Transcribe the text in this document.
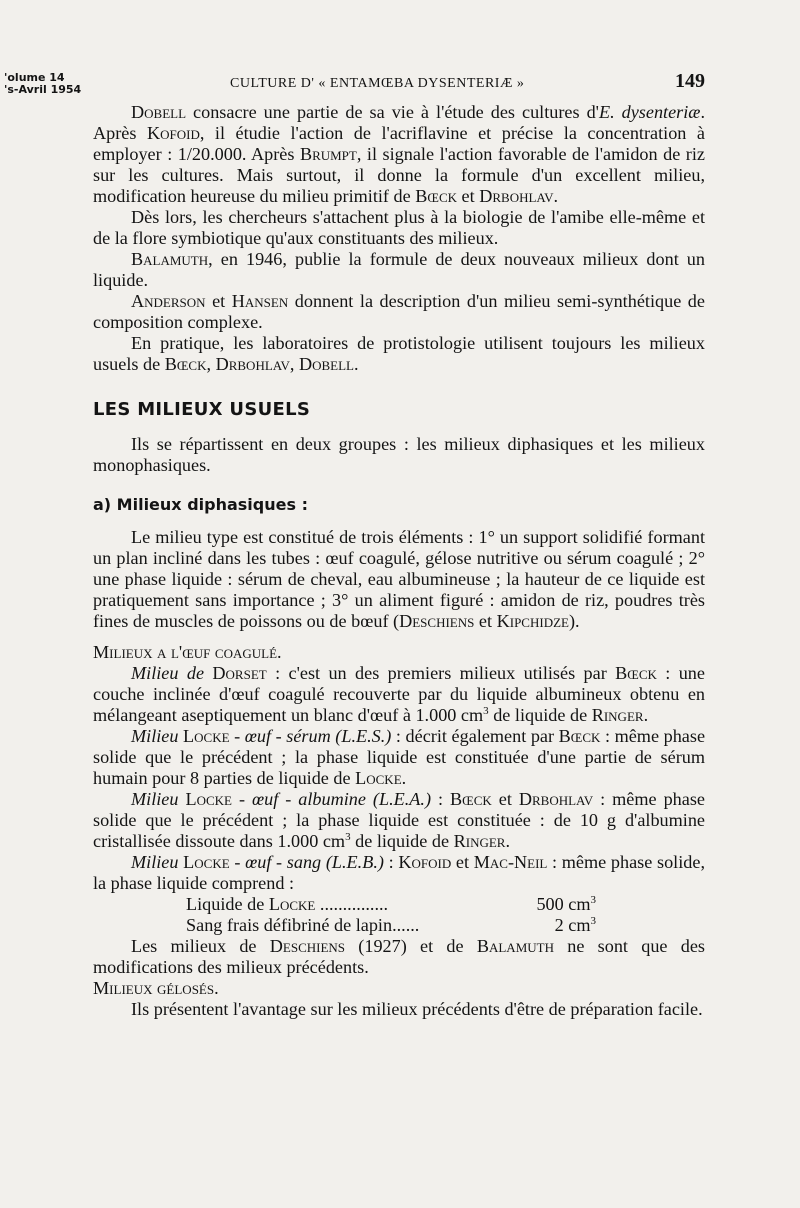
'olume 14
's-Avril 1954	CULTURE D' « ENTAMŒBA DYSENTERIÆ »	149

Dobell consacre une partie de sa vie à l'étude des cultures d'E. dysenteriæ. Après Kofoid, il étudie l'action de l'acriflavine et précise la concentration à employer : 1/20.000. Après Brumpt, il signale l'action favorable de l'amidon de riz sur les cultures. Mais surtout, il donne la formule d'un excellent milieu, modification heureuse du milieu primitif de Bœck et Drbohlav.

Dès lors, les chercheurs s'attachent plus à la biologie de l'amibe elle-même et de la flore symbiotique qu'aux constituants des milieux.

Balamuth, en 1946, publie la formule de deux nouveaux milieux dont un liquide.

Anderson et Hansen donnent la description d'un milieu semi-synthétique de composition complexe.

En pratique, les laboratoires de protistologie utilisent toujours les milieux usuels de Bœck, Drbohlav, Dobell.

LES MILIEUX USUELS

Ils se répartissent en deux groupes : les milieux diphasiques et les milieux monophasiques.

a) Milieux diphasiques :

Le milieu type est constitué de trois éléments : 1° un support solidifié formant un plan incliné dans les tubes : œuf coagulé, gélose nutritive ou sérum coagulé ; 2° une phase liquide : sérum de cheval, eau albumineuse ; la hauteur de ce liquide est pratiquement sans importance ; 3° un aliment figuré : amidon de riz, poudres très fines de muscles de poissons ou de bœuf (Deschiens et Kipchidze).

Milieux a l'œuf coagulé.

Milieu de Dorset : c'est un des premiers milieux utilisés par Bœck : une couche inclinée d'œuf coagulé recouverte par du liquide albumineux obtenu en mélangeant aseptiquement un blanc d'œuf à 1.000 $cm^3$ de liquide de Ringer.

Milieu Locke - œuf - sérum (L.E.S.) : décrit également par Bœck : même phase solide que le précédent ; la phase liquide est constituée d'une partie de sérum humain pour 8 parties de liquide de Locke.

Milieu Locke - œuf - albumine (L.E.A.) : Bœck et Drbohlav : même phase solide que le précédent ; la phase liquide est constituée : de 10 g d'albumine cristallisée dissoute dans 1.000 $cm^3$ de liquide de Ringer.

Milieu Locke - œuf - sang (L.E.B.) : Kofoid et Mac-Neil : même phase solide, la phase liquide comprend :

Liquide de Locke ...............	500 $cm^3$
Sang frais défibriné de lapin......	2 $cm^3$

Les milieux de Deschiens (1927) et de Balamuth ne sont que des modifications des milieux précédents.

Milieux gélosés.

Ils présentent l'avantage sur les milieux précédents d'être de préparation facile.
